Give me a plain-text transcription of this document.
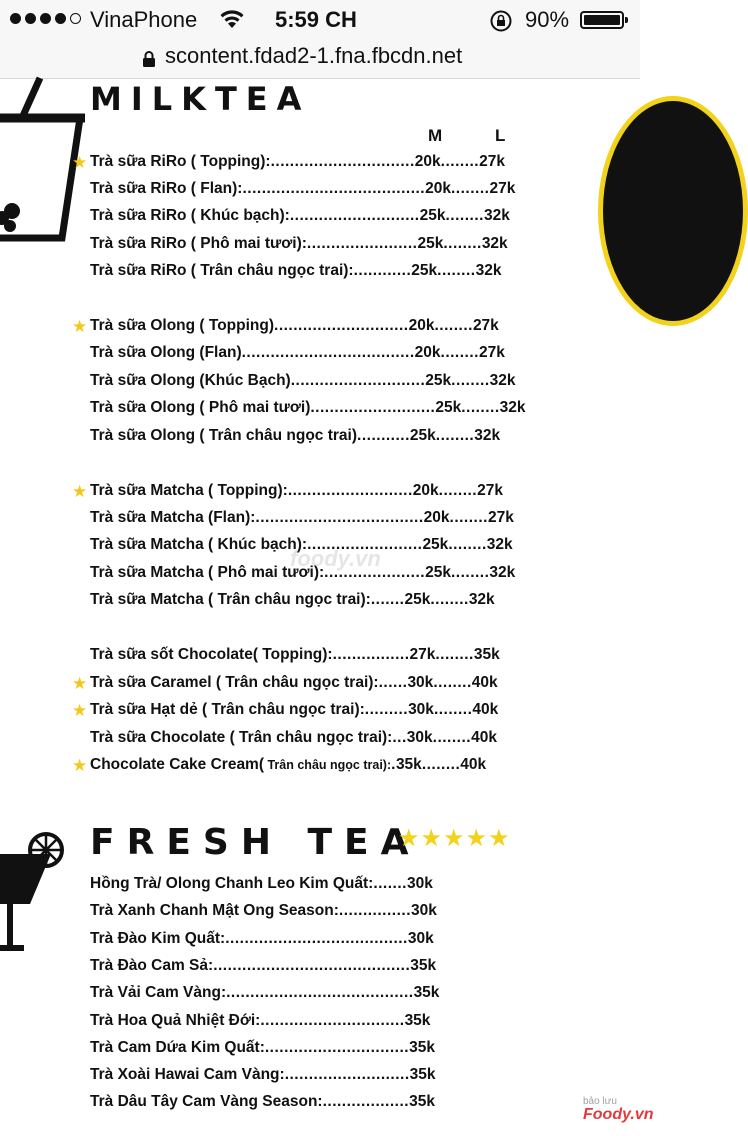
VinaPhone	5:59 CH	90%
scontent.fdad2-1.fna.fbcdn.net
MILKTEA
M	L
★ Trà sữa RiRo ( Topping):..............................20k........27k
Trà sữa RiRo ( Flan):......................................20k........27k
Trà sữa RiRo ( Khúc bạch):...........................25k........32k
Trà sữa RiRo ( Phô mai tươi):.......................25k........32k
Trà sữa RiRo ( Trân châu ngọc trai):............25k........32k
★ Trà sữa Olong ( Topping)............................20k........27k
Trà sữa Olong (Flan)....................................20k........27k
Trà sữa Olong (Khúc Bạch)............................25k........32k
Trà sữa Olong ( Phô mai tươi)..........................25k........32k
Trà sữa Olong ( Trân châu ngọc trai)...........25k........32k
★ Trà sữa Matcha ( Topping):..........................20k........27k
Trà sữa Matcha (Flan):...................................20k........27k
Trà sữa Matcha ( Khúc bạch):........................25k........32k
Trà sữa Matcha ( Phô mai tươi):.....................25k........32k
Trà sữa Matcha ( Trân châu ngọc trai):.......25k........32k
Trà sữa sốt Chocolate( Topping):................27k........35k
★ Trà sữa Caramel ( Trân châu ngọc trai):......30k........40k
★ Trà sữa Hạt dẻ ( Trân châu ngọc trai):.........30k........40k
Trà sữa Chocolate ( Trân châu ngọc trai):...30k........40k
★ Chocolate Cake Cream( Trân châu ngọc trai):.35k........40k
FRESH TEA
★★★★★
Hồng Trà/ Olong Chanh Leo Kim Quất:.......30k
Trà Xanh Chanh Mật Ong Season:...............30k
Trà Đào Kim Quất:......................................30k
Trà Đào Cam Sả:.........................................35k
Trà Vải Cam Vàng:.......................................35k
Trà Hoa Quả Nhiệt Đới:..............................35k
Trà Cam Dứa Kim Quất:..............................35k
Trà Xoài Hawai Cam Vàng:..........................35k
Trà Dâu Tây Cam Vàng Season:..................35k
foody.vn
bảo lưu
Foody.vn
